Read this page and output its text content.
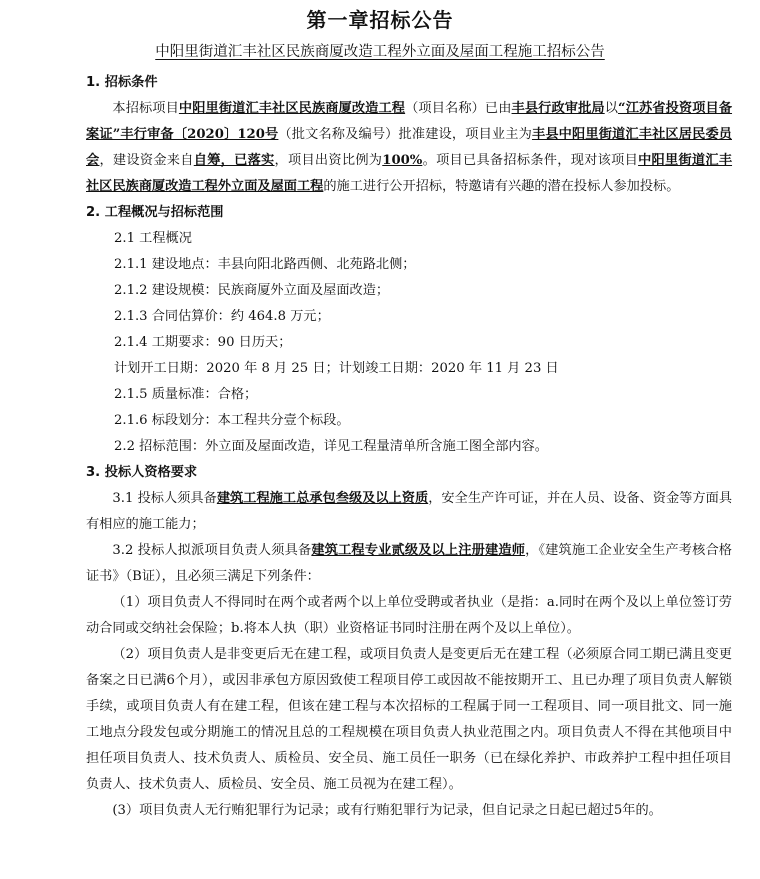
第一章招标公告
中阳里街道汇丰社区民族商厦改造工程外立面及屋面工程施工招标公告
1. 招标条件
本招标项目中阳里街道汇丰社区民族商厦改造工程（项目名称）已由丰县行政审批局以“江苏省投资项目备案证”丰行审备〔2020〕120号（批文名称及编号）批准建设，项目业主为丰县中阳里街道汇丰社区居民委员会，建设资金来自自筹，已落实，项目出资比例为100%。项目已具备招标条件，现对该项目中阳里街道汇丰社区民族商厦改造工程外立面及屋面工程的施工进行公开招标，特邀请有兴趣的潜在投标人参加投标。
2. 工程概况与招标范围
2.1 工程概况
2.1.1 建设地点：丰县向阳北路西侧、北苑路北侧；
2.1.2 建设规模：民族商厦外立面及屋面改造；
2.1.3 合同估算价：约 464.8 万元；
2.1.4 工期要求：90 日历天；
计划开工日期：2020 年 8 月 25 日；计划竣工日期：2020 年 11 月 23 日
2.1.5 质量标准：合格；
2.1.6 标段划分：本工程共分壹个标段。
2.2 招标范围：外立面及屋面改造，详见工程量清单所含施工图全部内容。
3. 投标人资格要求
3.1 投标人须具备建筑工程施工总承包叁级及以上资质，安全生产许可证，并在人员、设备、资金等方面具有相应的施工能力；
3.2 投标人拟派项目负责人须具备建筑工程专业贰级及以上注册建造师，《建筑施工企业安全生产考核合格证书》（B证），且必须三满足下列条件：
（1）项目负责人不得同时在两个或者两个以上单位受聘或者执业（是指：a.同时在两个及以上单位签订劳动合同或交纳社会保险；b.将本人执（职）业资格证书同时注册在两个及以上单位）。
（2）项目负责人是非变更后无在建工程，或项目负责人是变更后无在建工程（必须原合同工期已满且变更备案之日已满6个月），或因非承包方原因致使工程项目停工或因故不能按期开工、且已办理了项目负责人解锁手续，或项目负责人有在建工程，但该在建工程与本次招标的工程属于同一工程项目、同一项目批文、同一施工地点分段发包或分期施工的情况且总的工程规模在项目负责人执业范围之内。项目负责人不得在其他项目中担任项目负责人、技术负责人、质检员、安全员、施工员任一职务（已在绿化养护、市政养护工程中担任项目负责人、技术负责人、质检员、安全员、施工员视为在建工程）。
(3）项目负责人无行贿犯罪行为记录；或有行贿犯罪行为记录，但自记录之日起已超过5年的。
